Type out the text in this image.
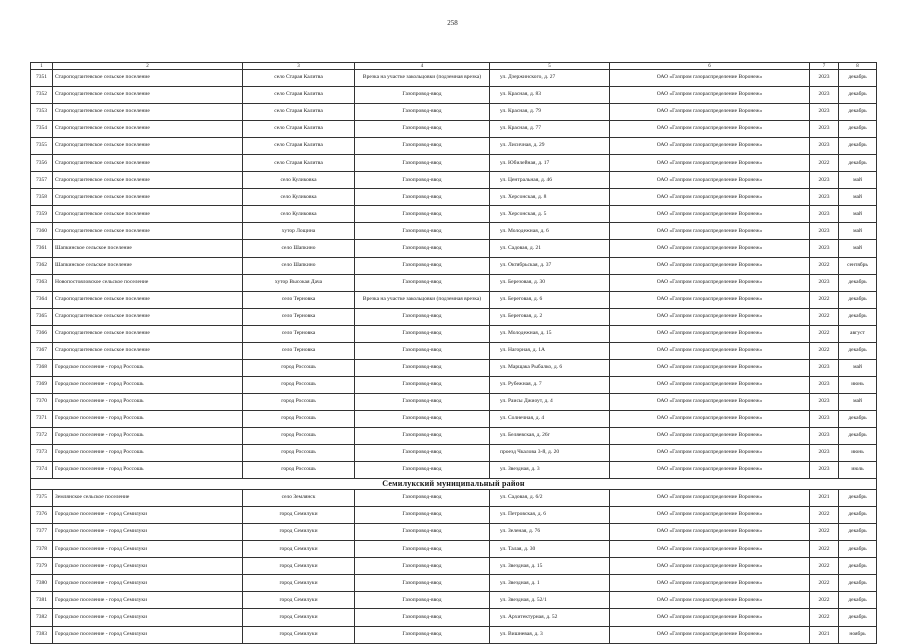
258
1	2	3	4	5	6	7	8
7351	Староподгаитевское сельское поселение	село Старая Калитва	Врезка на участке закольцовки (подземная врезка)	ул. Дзержинского, д. 27	ОАО «Газпром газораспределение Воронеж»	2023	декабрь
7352	Староподгаитевское сельское поселение	село Старая Калитва	Газопровод-ввод	ул. Красная, д. 83	ОАО «Газпром газораспределение Воронеж»	2023	декабрь
7353	Староподгаитевское сельское поселение	село Старая Калитва	Газопровод-ввод	ул. Красная, д. 79	ОАО «Газпром газораспределение Воронеж»	2023	декабрь
7354	Староподгаитевское сельское поселение	село Старая Калитва	Газопровод-ввод	ул. Красная, д. 77	ОАО «Газпром газораспределение Воронеж»	2023	декабрь
7355	Староподгаитевское сельское поселение	село Старая Калитва	Газопровод-ввод	ул. Лисичная, д. 29	ОАО «Газпром газораспределение Воронеж»	2023	декабрь
7356	Староподгаитевское сельское поселение	село Старая Калитва	Газопровод-ввод	ул. Юбилейная, д. 17	ОАО «Газпром газораспределение Воронеж»	2022	декабрь
7357	Староподгаитевское сельское поселение	село Куликовка	Газопровод-ввод	ул. Центральная, д. 46	ОАО «Газпром газораспределение Воронеж»	2023	май
7358	Староподгаитевское сельское поселение	село Куликовка	Газопровод-ввод	ул. Херсонская, д. 8	ОАО «Газпром газораспределение Воронеж»	2023	май
7359	Староподгаитевское сельское поселение	село Куликовка	Газопровод-ввод	ул. Херсонская, д. 5	ОАО «Газпром газораспределение Воронеж»	2023	май
7360	Староподгаитевское сельское поселение	хутор Лощина	Газопровод-ввод	ул. Молодежная, д. 6	ОАО «Газпром газораспределение Воронеж»	2023	май
7361	Шапкинское сельское поселение	село Шапкино	Газопровод-ввод	ул. Садовая, д. 21	ОАО «Газпром газораспределение Воронеж»	2023	май
7362	Шапкинское сельское поселение	село Шапкино	Газопровод-ввод	ул. Октябрьская, д. 37	ОАО «Газпром газораспределение Воронеж»	2022	сентябрь
7363	Новопостояловское сельское поселение	хутор Высокая Дача	Газопровод-ввод	ул. Березовая, д. 30	ОАО «Газпром газораспределение Воронеж»	2023	декабрь
7364	Староподгаитевское сельское поселение	село Терновка	Врезка на участке закольцовки (подземная врезка)	ул. Береговая, д. 6	ОАО «Газпром газораспределение Воронеж»	2022	декабрь
7365	Староподгаитевское сельское поселение	село Терновка	Газопровод-ввод	ул. Береговая, д. 2	ОАО «Газпром газораспределение Воронеж»	2022	декабрь
7366	Староподгаитевское сельское поселение	село Терновка	Газопровод-ввод	ул. Молодежная, д. 15	ОАО «Газпром газораспределение Воронеж»	2022	август
7367	Староподгаитевское сельское поселение	село Терновка	Газопровод-ввод	ул. Нагорная, д. 1А	ОАО «Газпром газораспределение Воронеж»	2022	декабрь
7368	Городское поселение - город Россошь	город Россошь	Газопровод-ввод	ул. Марщака Рыбалко, д. 6	ОАО «Газпром газораспределение Воронеж»	2023	май
7369	Городское поселение - город Россошь	город Россошь	Газопровод-ввод	ул. Рубежная, д. 7	ОАО «Газпром газораспределение Воронеж»	2023	июнь
7370	Городское поселение - город Россошь	город Россошь	Газопровод-ввод	ул. Раисы Джиоут, д. 4	ОАО «Газпром газораспределение Воронеж»	2023	май
7371	Городское поселение - город Россошь	город Россошь	Газопровод-ввод	ул. Солнечная, д. 4	ОАО «Газпром газораспределение Воронеж»	2023	декабрь
7372	Городское поселение - город Россошь	город Россошь	Газопровод-ввод	ул. Беляевская, д. 26г	ОАО «Газпром газораспределение Воронеж»	2023	декабрь
7373	Городское поселение - город Россошь	город Россошь	Газопровод-ввод	проезд Чкалова 3-й, д. 20	ОАО «Газпром газораспределение Воронеж»	2023	июнь
7374	Городское поселение - город Россошь	город Россошь	Газопровод-ввод	ул. Звездная, д. 3	ОАО «Газпром газораспределение Воронеж»	2023	июль
Семилукский муниципальный район							
7375	Землянское сельское поселение	село Землянск	Газопровод-ввод	ул. Садовая, д. 6/2	ОАО «Газпром газораспределение Воронеж»	2021	декабрь
7376	Городское поселение - город Семилуки	город Семилуки	Газопровод-ввод	ул. Петровская, д. 6	ОАО «Газпром газораспределение Воронеж»	2022	декабрь
7377	Городское поселение - город Семилуки	город Семилуки	Газопровод-ввод	ул. Зеленая, д. 76	ОАО «Газпром газораспределение Воронеж»	2022	декабрь
7378	Городское поселение - город Семилуки	город Семилуки	Газопровод-ввод	ул. Талая, д. 30	ОАО «Газпром газораспределение Воронеж»	2022	декабрь
7379	Городское поселение - город Семилуки	город Семилуки	Газопровод-ввод	ул. Звездная, д. 15	ОАО «Газпром газораспределение Воронеж»	2022	декабрь
7380	Городское поселение - город Семилуки	город Семилуки	Газопровод-ввод	ул. Звездная, д. 1	ОАО «Газпром газораспределение Воронеж»	2022	декабрь
7381	Городское поселение - город Семилуки	город Семилуки	Газопровод-ввод	ул. Звездная, д. 52/1	ОАО «Газпром газораспределение Воронеж»	2022	декабрь
7382	Городское поселение - город Семилуки	город Семилуки	Газопровод-ввод	ул. Архитектурная, д. 52	ОАО «Газпром газораспределение Воронеж»	2022	декабрь
7383	Городское поселение - город Семилуки	город Семилуки	Газопровод-ввод	ул. Вишневая, д. 3	ОАО «Газпром газораспределение Воронеж»	2021	ноябрь
